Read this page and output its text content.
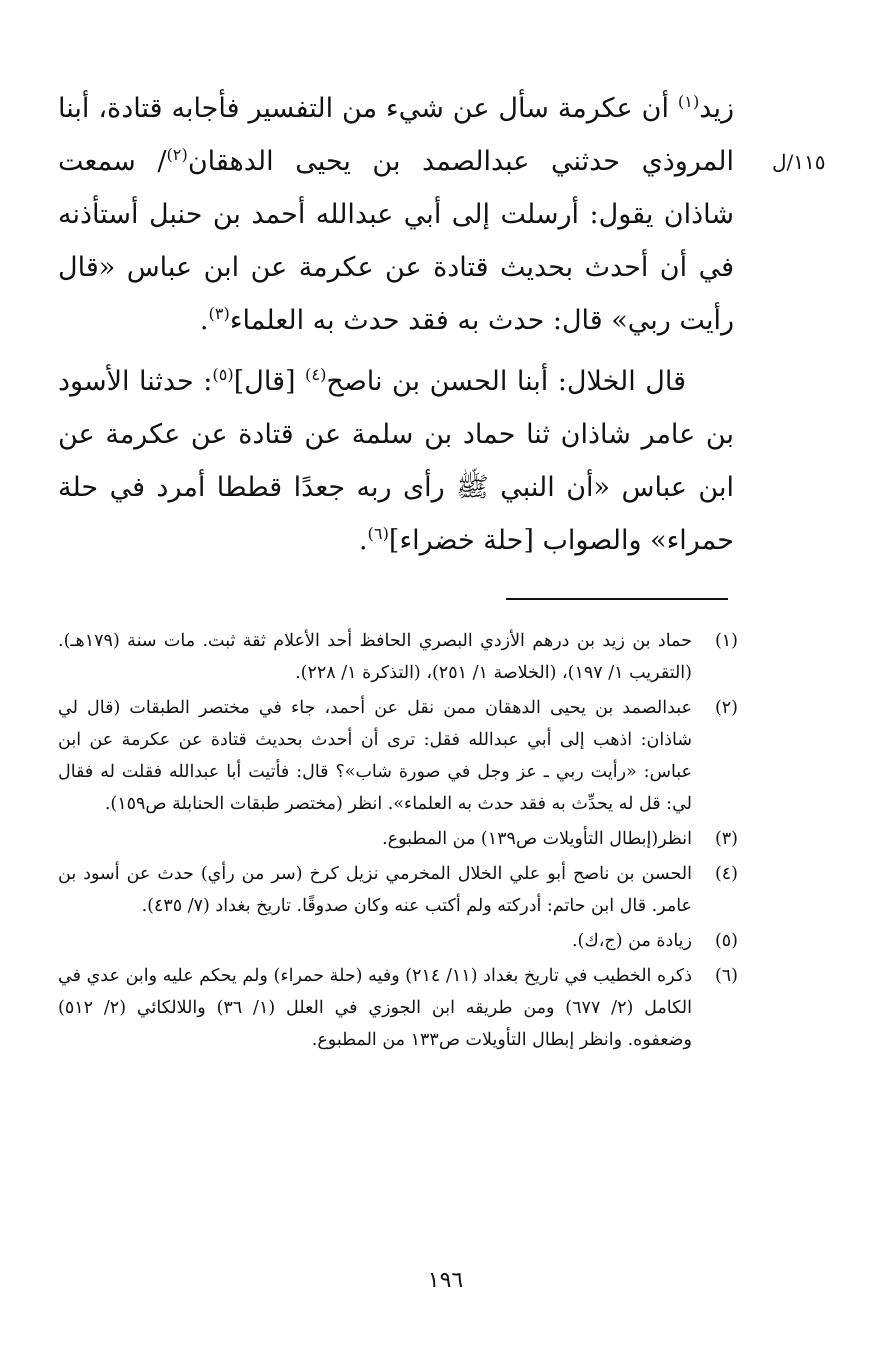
١١٥/ل

زيد$^{(١)}$ أن عكرمة سأل عن شيء من التفسير فأجابه قتادة، أبنا المروذي حدثني عبدالصمد بن يحيى الدهقان$^{(٢)}$/ سمعت شاذان يقول: أرسلت إلى أبي عبدالله أحمد بن حنبل أستأذنه في أن أحدث بحديث قتادة عن عكرمة عن ابن عباس «قال رأيت ربي» قال: حدث به فقد حدث به العلماء$^{(٣)}$.

قال الخلال: أبنا الحسن بن ناصح$^{(٤)}$ [قال]$^{(٥)}$: حدثنا الأسود بن عامر شاذان ثنا حماد بن سلمة عن قتادة عن عكرمة عن ابن عباس «أن النبي ﷺ رأى ربه جعدًا قططا أمرد في حلة حمراء» والصواب [حلة خضراء]$^{(٦)}$.

(١)
حماد بن زيد بن درهم الأزدي البصري الحافظ أحد الأعلام ثقة ثبت. مات سنة (١٧٩هـ). (التقريب ١/ ١٩٧)، (الخلاصة ١/ ٢٥١)، (التذكرة ١/ ٢٢٨).
(٢)
عبدالصمد بن يحيى الدهقان ممن نقل عن أحمد، جاء في مختصر الطبقات (قال لي شاذان: اذهب إلى أبي عبدالله فقل: ترى أن أحدث بحديث قتادة عن عكرمة عن ابن عباس: «رأيت ربي ـ عز وجل في صورة شاب»؟ قال: فأتيت أبا عبدالله فقلت له فقال لي: قل له يحدِّث به فقد حدث به العلماء». انظر (مختصر طبقات الحنابلة ص١٥٩).
(٣)
انظر(إبطال التأويلات ص١٣٩) من المطبوع.
(٤)
الحسن بن ناصح أبو علي الخلال المخرمي نزيل كرخ (سر من رأي) حدث عن أسود بن عامر. قال ابن حاتم: أدركته ولم أكتب عنه وكان صدوقًا. تاريخ بغداد (٧/ ٤٣٥).
(٥)
زيادة من (ج،ك).
(٦)
ذكره الخطيب في تاريخ بغداد (١١/ ٢١٤) وفيه (حلة حمراء) ولم يحكم عليه وابن عدي في الكامل (٢/ ٦٧٧) ومن طريقه ابن الجوزي في العلل (١/ ٣٦) واللالكائي (٢/ ٥١٢) وضعفوه. وانظر إبطال التأويلات ص١٣٣ من المطبوع.
١٩٦
